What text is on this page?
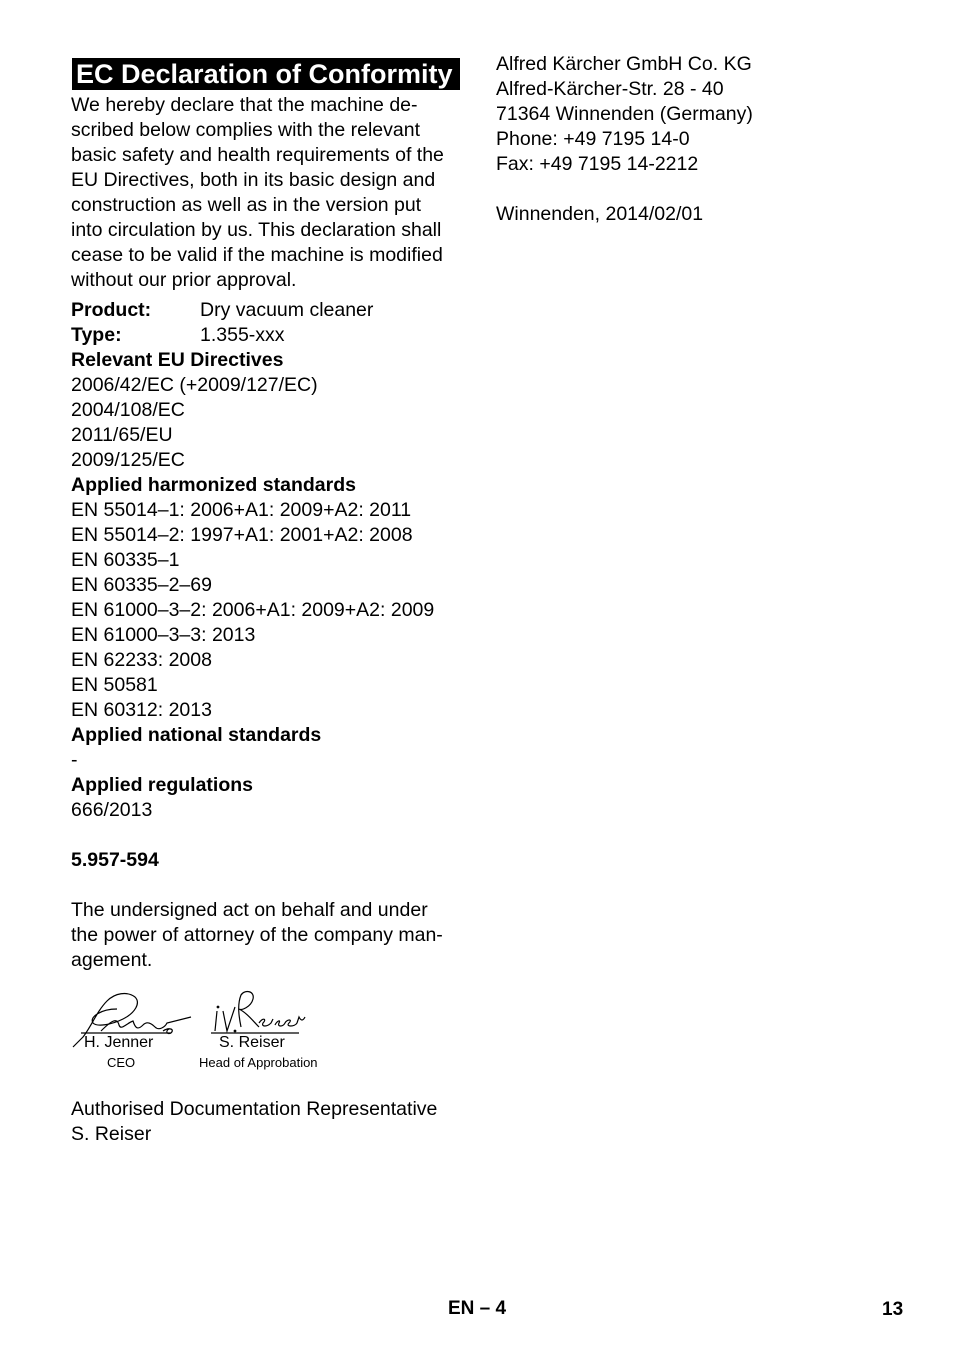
EC Declaration of Conformity

We hereby declare that the machine de-

scribed below complies with the relevant

basic safety and health requirements of the

EU Directives, both in its basic design and

construction as well as in the version put

into circulation by us. This declaration shall

cease to be valid if the machine is modified

without our prior approval.

Product:	Dry vacuum cleaner
Type:	1.355-xxx

Relevant EU Directives

2006/42/EC (+2009/127/EC)

2004/108/EC

2011/65/EU

2009/125/EC

Applied harmonized standards

EN 55014–1: 2006+A1: 2009+A2: 2011

EN 55014–2: 1997+A1: 2001+A2: 2008

EN 60335–1

EN 60335–2–69

EN 61000–3–2: 2006+A1: 2009+A2: 2009

EN 61000–3–3: 2013

EN 62233: 2008

EN 50581

EN 60312: 2013

Applied national standards

-

Applied regulations

666/2013

5.957-594

The undersigned act on behalf and under

the power of attorney of the company man-

agement.

H. Jenner
CEO
S. Reiser
Head of Approbation

Authorised Documentation Representative

S. Reiser

Alfred Kärcher GmbH Co. KG

Alfred-Kärcher-Str. 28 - 40

71364 Winnenden (Germany)

Phone: +49 7195 14-0

Fax: +49 7195 14-2212

Winnenden, 2014/02/01

EN – 4	13
